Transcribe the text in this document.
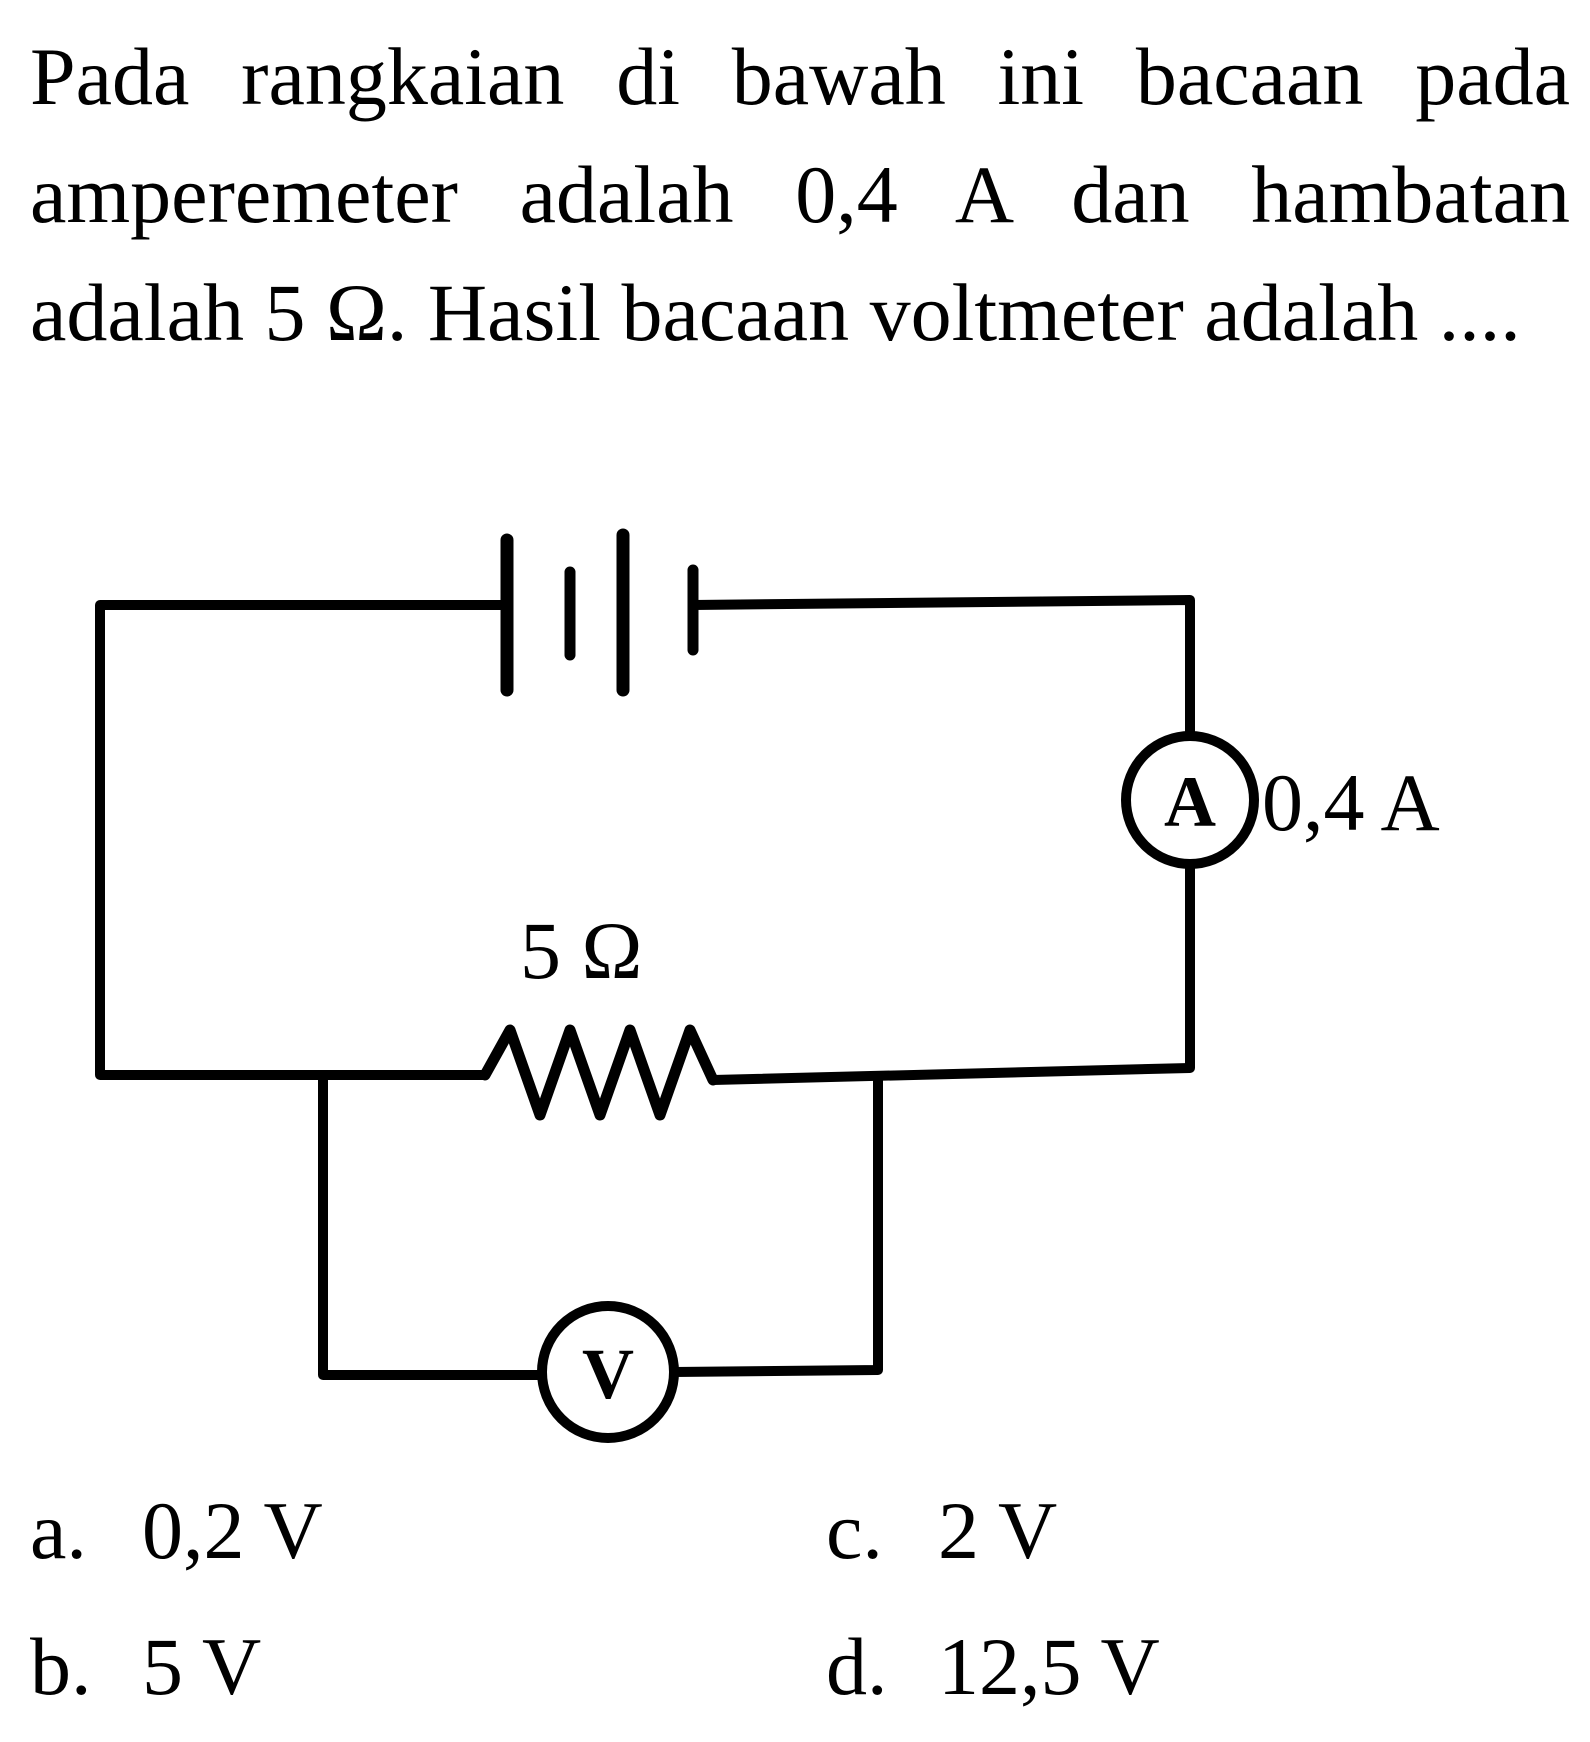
Pada rangkaian di bawah ini bacaan pada amperemeter adalah 0,4 A dan hambatan adalah 5 Ω. Hasil bacaan voltmeter adalah ....

A 0,4 A
5 Ω
V
a. 0,2 V	c. 2 V
b. 5 V	d. 12,5 V
